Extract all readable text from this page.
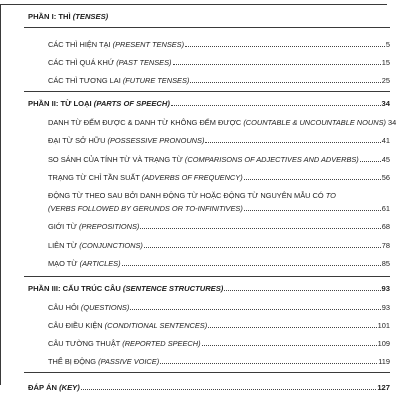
PHẦN I: THÌ (TENSES)
CÁC THÌ HIỆN TẠI (PRESENT TENSES)	5
CÁC THÌ QUÁ KHỨ (PAST TENSES)	15
CÁC THÌ TƯƠNG LAI (FUTURE TENSES)	25
PHẦN II: TỪ LOẠI (PARTS OF SPEECH)	34
DANH TỪ ĐẾM ĐƯỢC & DANH TỪ KHÔNG ĐẾM ĐƯỢC (COUNTABLE & UNCOUNTABLE NOUNS) 34
ĐẠI TỪ SỞ HỮU (POSSESSIVE PRONOUNS)	41
SO SÁNH CỦA TÍNH TỪ VÀ TRẠNG TỪ (COMPARISONS OF ADJECTIVES AND ADVERBS)	45
TRẠNG TỪ CHỈ TẦN SUẤT (ADVERBS OF FREQUENCY)	56
ĐỘNG TỪ THEO SAU BỞI DANH ĐỘNG TỪ HOẶC ĐỘNG TỪ NGUYÊN MẪU CÓ TO
(VERBS FOLLOWED BY GERUNDS OR TO-INFINITIVES)	61
GIỚI TỪ (PREPOSITIONS)	68
LIÊN TỪ (CONJUNCTIONS)	78
MẠO TỪ (ARTICLES)	85
PHẦN III: CẤU TRÚC CÂU (SENTENCE STRUCTURES)	93
CÂU HỎI (QUESTIONS)	93
CÂU ĐIỀU KIỆN (CONDITIONAL SENTENCES)	101
CÂU TƯỜNG THUẬT (REPORTED SPEECH)	109
THỂ BỊ ĐỘNG (PASSIVE VOICE)	119
ĐÁP ÁN (KEY)	127
